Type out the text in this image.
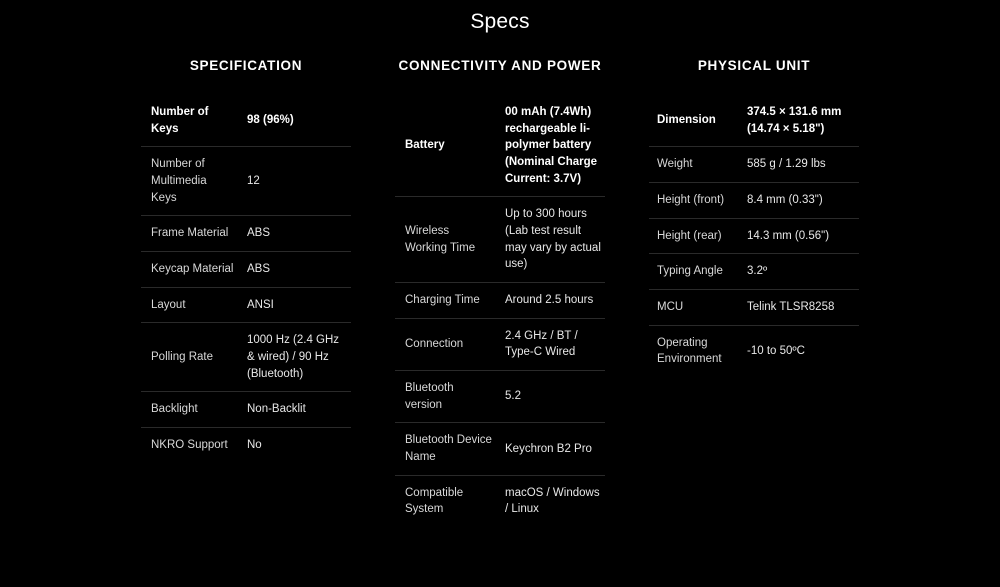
Specs
SPECIFICATION
Number of Keys	98 (96%)
Number of Multimedia Keys	12
Frame Material	ABS
Keycap Material	ABS
Layout	ANSI
Polling Rate	1000 Hz (2.4 GHz & wired) / 90 Hz (Bluetooth)
Backlight	Non-Backlit
NKRO Support	No
CONNECTIVITY AND POWER
Battery	00 mAh (7.4Wh) rechargeable li-polymer battery (Nominal Charge Current: 3.7V)
Wireless Working Time	Up to 300 hours (Lab test result may vary by actual use)
Charging Time	Around 2.5 hours
Connection	2.4 GHz / BT / Type-C Wired
Bluetooth version	5.2
Bluetooth Device Name	Keychron B2 Pro
Compatible System	macOS / Windows / Linux
PHYSICAL UNIT
Dimension	374.5 × 131.6 mm (14.74 × 5.18")
Weight	585 g / 1.29 lbs
Height (front)	8.4 mm (0.33")
Height (rear)	14.3 mm (0.56")
Typing Angle	3.2º
MCU	Telink TLSR8258
Operating Environment	-10 to 50ºC
